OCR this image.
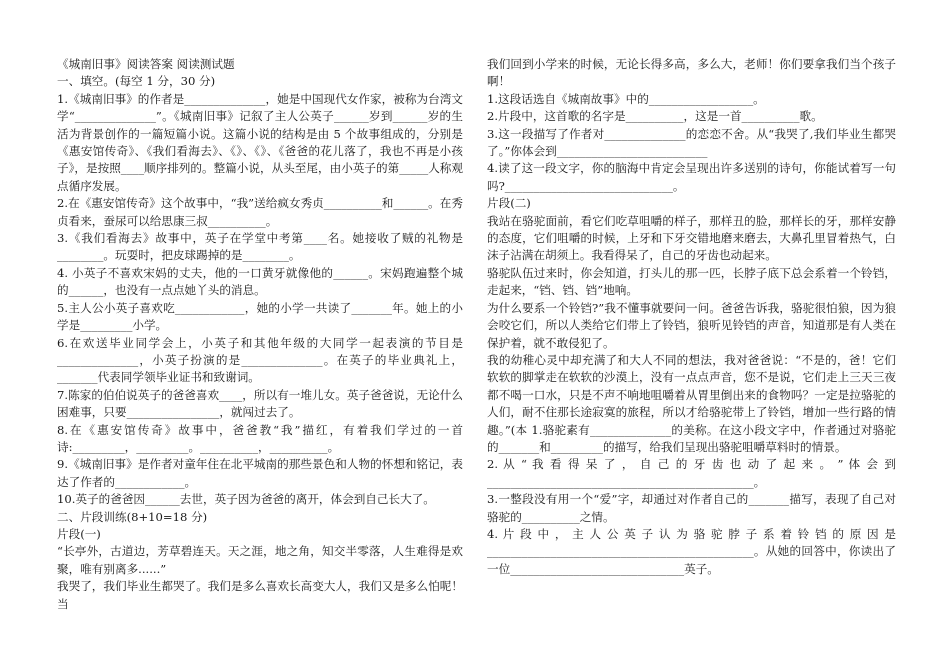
《城南旧事》阅读答案 阅读测试题

一、填空。(每空 1 分，30 分)

1.《城南旧事》的作者是______________，她是中国现代女作家，被称为台湾文学“______________”。《城南旧事》记叙了主人公英子______岁到______岁的生活为背景创作的一篇短篇小说。这篇小说的结构是由 5 个故事组成的，分别是《惠安馆传奇》、《我们看海去》、《》、《》、《爸爸的花儿落了，我也不再是小孩子》，是按照____顺序排列的。整篇小说，从头至尾，由小英子的第_____人称观点循序发展。

2.在《惠安馆传奇》这个故事中，“我”送给疯女秀贞__________和______。在秀贞看来，蚕尿可以给思康三叔__________。

3.《我们看海去》故事中，英子在学堂中考第____名。她接收了贼的礼物是________。玩耍时，把皮球踢掉的是________。

4. 小英子不喜欢宋妈的丈夫，他的一口黄牙就像他的______。宋妈跑遍整个城的______，也没有一点点她丫头的消息。

5.主人公小英子喜欢吃____________，她的小学一共读了_______年。她上的小学是_________小学。

6.在欢送毕业同学会上，小英子和其他年级的大同学一起表演的节目是______________，小英子扮演的是______________。在英子的毕业典礼上，_______代表同学领毕业证书和致谢词。

7.陈家的伯伯说英子的爸爸喜欢____，所以有一堆儿女。英子爸爸说，无论什么困难事，只要________________，就闯过去了。

8.在《惠安馆传奇》故事中，爸爸教“我”描红，有着我们学过的一首诗:_________，_________。__________，__________。

9.《城南旧事》是作者对童年住在北平城南的那些景色和人物的怀想和铭记，表达了作者的____________。

10.英子的爸爸因______去世，英子因为爸爸的离开，体会到自己长大了。

二、片段训练(8+10=18 分)

片段(一)

“长亭外，古道边，芳草碧连天。天之涯，地之角，知交半零落，人生难得是欢聚，唯有别离多......”

我哭了，我们毕业生都哭了。我们是多么喜欢长高变大人，我们又是多么怕呢！当

我们回到小学来的时候，无论长得多高，多么大，老师！你们要拿我们当个孩子啊！

1.这段话选自《城南故事》中的__________________。

2.片段中，这首歌的名字是__________，这是一首__________歌。

3.这一段描写了作者对______________的恋恋不舍。从“我哭了,我们毕业生都哭了。”你体会到__________________________

4.读了这一段文字，你的脑海中肯定会呈现出许多送别的诗句，你能试着写一句吗?_____________________________。

片段(二)

我站在骆驼面前，看它们吃草咀嚼的样子，那样丑的脸，那样长的牙，那样安静的态度，它们咀嚼的时候，上牙和下牙交错地磨来磨去，大鼻孔里冒着热气，白沫子沾满在胡须上。我看得呆了，自己的牙齿也动起来。

骆驼队伍过来时，你会知道，打头儿的那一匹，长脖子底下总会系着一个铃铛，走起来，“铛、铛、铛”地响。

为什么要系一个铃铛?”我不懂事就要问一问。爸爸告诉我，骆驼很怕狼，因为狼会咬它们，所以人类给它们带上了铃铛，狼听见铃铛的声音，知道那是有人类在保护着，就不敢侵犯了。

我的幼稚心灵中却充满了和大人不同的想法，我对爸爸说：“不是的，爸！它们软软的脚掌走在软软的沙漠上，没有一点点声音，您不是说，它们走上三天三夜都不喝一口水，只是不声不响地咀嚼着从胃里倒出来的食物吗？一定是拉骆驼的人们，耐不住那长途寂寞的旅程，所以才给骆驼带上了铃铛，增加一些行路的情趣。”(本 1.骆驼素有______________的美称。在这小段文字中，作者通过对骆驼的_______和_________的描写，给我们呈现出骆驼咀嚼草料时的情景。

2. 从 “ 我 看 得 呆 了 ， 自 己 的 牙 齿 也 动 了 起 来 。 ” 体 会 到______________________________________________。

3.一整段没有用一个“爱”字，却通过对作者自己的_______描写，表现了自己对骆驼的__________之情。

4. 片 段 中 ， 主 人 公 英 子 认 为 骆 驼 脖 子 系 着 铃 铛 的 原 因 是______________________________________________。从她的回答中，你读出了一位______________________________英子。
